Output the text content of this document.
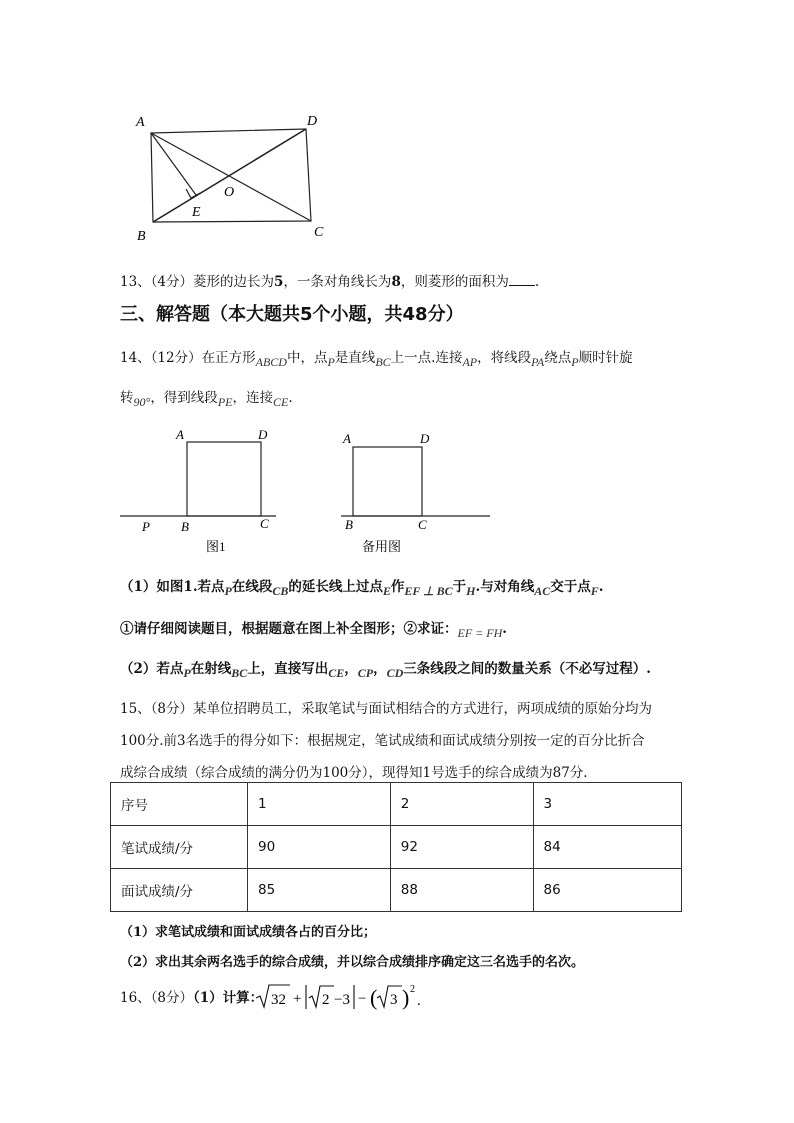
A	D
O
E
B	C
13、（4分）菱形的边长为5，一条对角线长为8，则菱形的面积为 .
三、解答题（本大题共5个小题，共48分）
14、（12分）在正方形ABCD中，点P是直线BC上一点.连接AP，将线段PA绕点P顺时针旋
转90°，得到线段PE，连接CE.
A	D
P B	C
图1
A	D
B	C
备用图
（1）如图1.若点P在线段CB的延长线上过点E作EF ⊥ BC于H.与对角线AC交于点F.
①请仔细阅读题目，根据题意在图上补全图形；②求证：EF = FH.
（2）若点P在射线BC上，直接写出CE，CP，CD三条线段之间的数量关系（不必写过程）.
15、（8分）某单位招聘员工，采取笔试与面试相结合的方式进行，两项成绩的原始分均为
100分.前3名选手的得分如下：根据规定，笔试成绩和面试成绩分别按一定的百分比折合
成综合成绩（综合成绩的满分仍为100分），现得知1号选手的综合成绩为87分.
序号	1	2	3
笔试成绩/分	90	92	84
面试成绩/分	85	88	86
（1）求笔试成绩和面试成绩各占的百分比；
（2）求出其余两名选手的综合成绩，并以综合成绩排序确定这三名选手的名次。
16、（8分）（1）计算： 32 + 2 −3 − ( 3 ) 2
.
